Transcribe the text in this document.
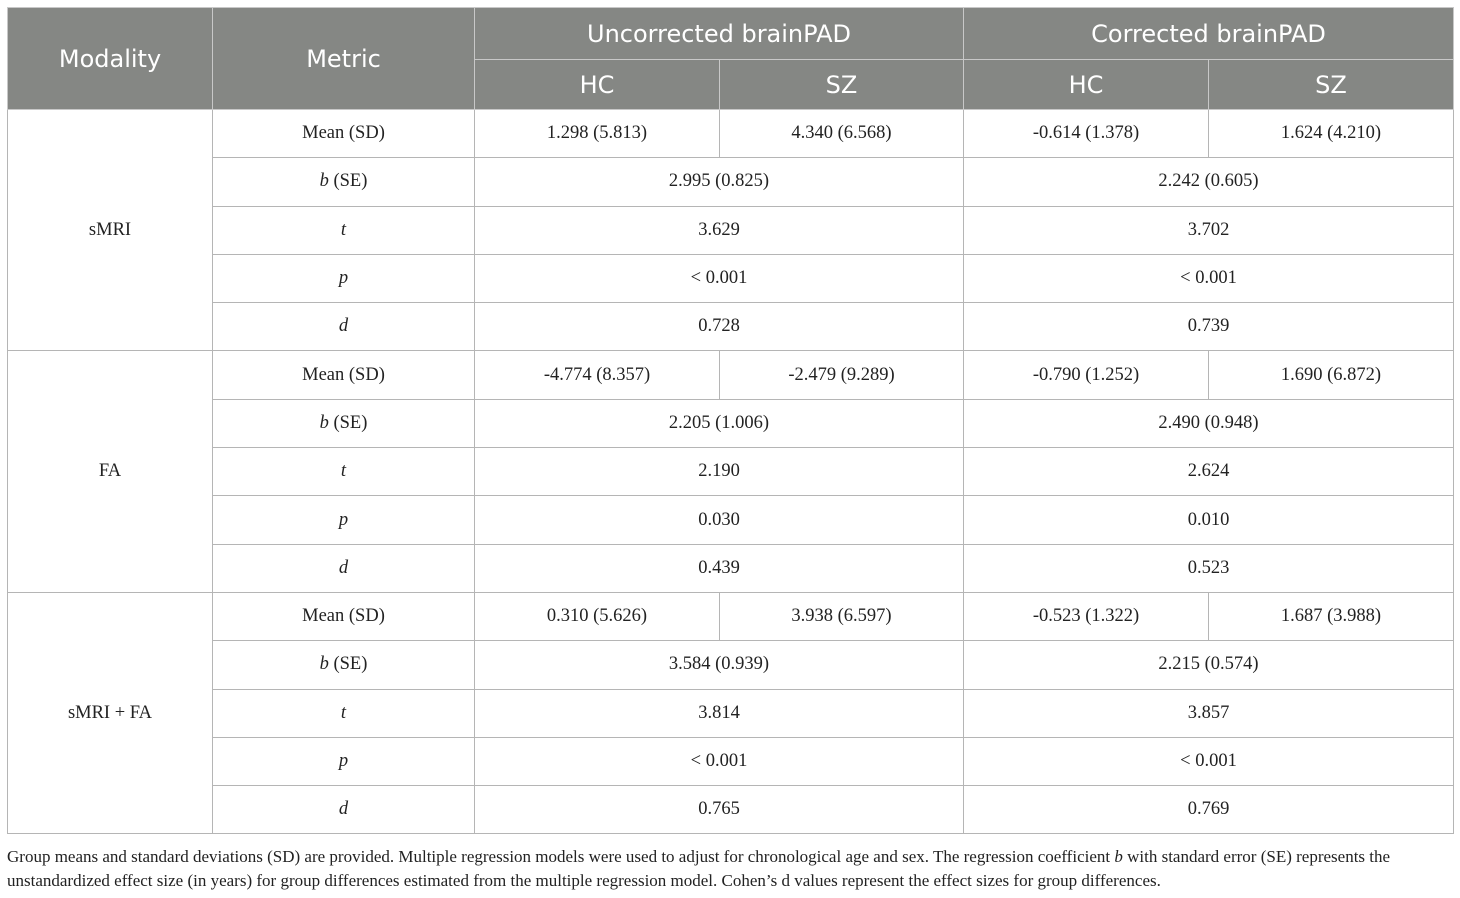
Modality	Metric	Uncorrected brainPAD		Corrected brainPAD	
		HC	SZ	HC	SZ
sMRI	Mean (SD)	1.298 (5.813)	4.340 (6.568)	-0.614 (1.378)	1.624 (4.210)
	b (SE)	2.995 (0.825)		2.242 (0.605)	
	t	3.629		3.702	
	p	< 0.001		< 0.001	
	d	0.728		0.739	
FA	Mean (SD)	-4.774 (8.357)	-2.479 (9.289)	-0.790 (1.252)	1.690 (6.872)
	b (SE)	2.205 (1.006)		2.490 (0.948)	
	t	2.190		2.624	
	p	0.030		0.010	
	d	0.439		0.523	
sMRI + FA	Mean (SD)	0.310 (5.626)	3.938 (6.597)	-0.523 (1.322)	1.687 (3.988)
	b (SE)	3.584 (0.939)		2.215 (0.574)	
	t	3.814		3.857	
	p	< 0.001		< 0.001	
	d	0.765		0.769	

Group means and standard deviations (SD) are provided. Multiple regression models were used to adjust for chronological age and sex. The regression coefficient b with standard error (SE) represents the unstandardized effect size (in years) for group differences estimated from the multiple regression model. Cohen’s d values represent the effect sizes for group differences.
